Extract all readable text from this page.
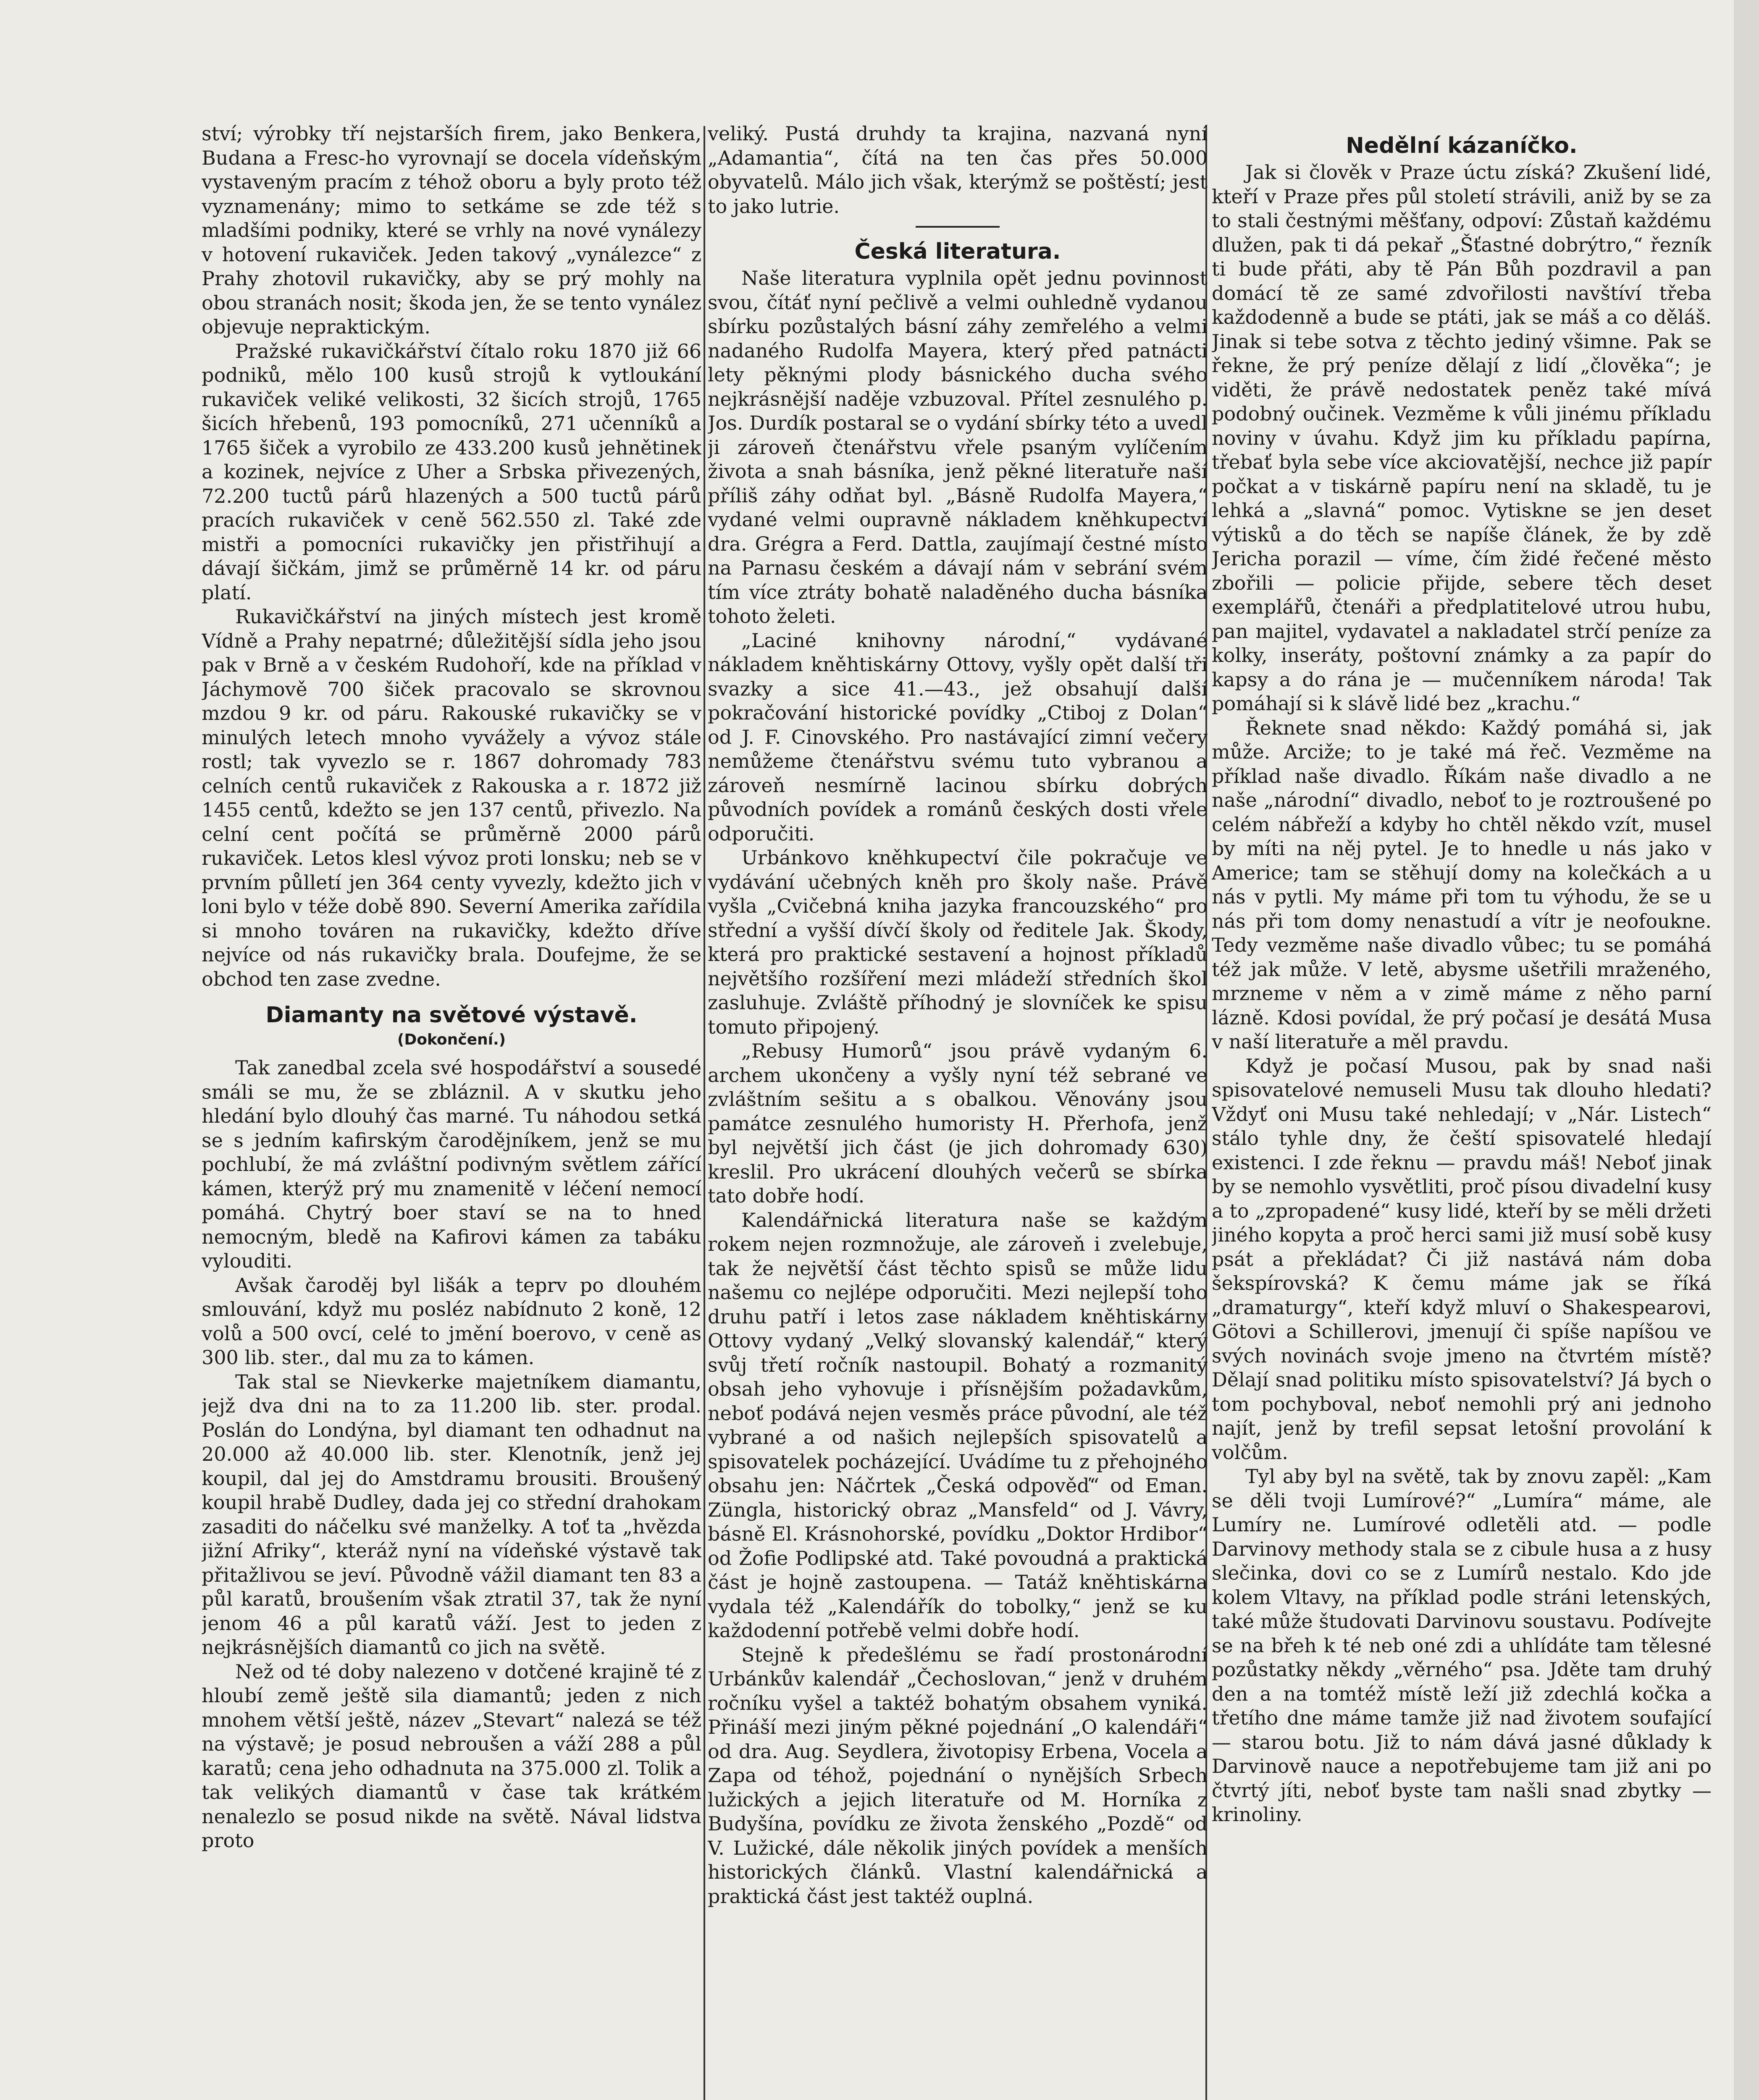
ství; výrobky tří nejstarších firem, jako Benkera, Budana a Fresc-ho vyrovnají se docela vídeňským vystaveným pracím z téhož oboru a byly proto též vyznamenány; mimo to setkáme se zde též s mladšími podniky, které se vrhly na nové vynálezy v hotovení rukaviček. Jeden takový „vynálezce“ z Prahy zhotovil rukavičky, aby se prý mohly na obou stranách nosit; škoda jen, že se tento vynález objevuje nepraktickým.

Pražské rukavičkářství čítalo roku 1870 již 66 podniků, mělo 100 kusů strojů k vytloukání rukaviček veliké velikosti, 32 šicích strojů, 1765 šicích hřebenů, 193 pomocníků, 271 učenníků a 1765 šiček a vyrobilo ze 433.200 kusů jehnětinek a kozinek, nejvíce z Uher a Srbska přivezených, 72.200 tuctů párů hlazených a 500 tuctů párů pracích rukaviček v ceně 562.550 zl. Také zde mistři a pomocníci rukavičky jen přistřihují a dávají šičkám, jimž se průměrně 14 kr. od páru platí.

Rukavičkářství na jiných místech jest kromě Vídně a Prahy nepatrné; důležitější sídla jeho jsou pak v Brně a v českém Rudohoří, kde na příklad v Jáchymově 700 šiček pracovalo se skrovnou mzdou 9 kr. od páru. Rakouské rukavičky se v minulých letech mnoho vyvážely a vývoz stále rostl; tak vyvezlo se r. 1867 dohromady 783 celních centů rukaviček z Rakouska a r. 1872 již 1455 centů, kdežto se jen 137 centů, přivezlo. Na celní cent počítá se průměrně 2000 párů rukaviček. Letos klesl vývoz proti lonsku; neb se v prvním půlletí jen 364 centy vyvezly, kdežto jich v loni bylo v téže době 890. Severní Amerika zařídila si mnoho továren na rukavičky, kdežto dříve nejvíce od nás rukavičky brala. Doufejme, že se obchod ten zase zvedne.

Diamanty na světové výstavě.
(Dokončení.)

Tak zanedbal zcela své hospodářství a sousedé smáli se mu, že se zbláznil. A v skutku jeho hledání bylo dlouhý čas marné. Tu náhodou setká se s jedním kafirským čarodějníkem, jenž se mu pochlubí, že má zvláštní podivným světlem zářící kámen, kterýž prý mu znamenitě v léčení nemocí pomáhá. Chytrý boer staví se na to hned nemocným, bledě na Kafirovi kámen za tabáku vylouditi.

Avšak čaroděj byl lišák a teprv po dlouhém smlouvání, když mu posléz nabídnuto 2 koně, 12 volů a 500 ovcí, celé to jmění boerovo, v ceně as 300 lib. ster., dal mu za to kámen.

Tak stal se Nievkerke majetníkem diamantu, jejž dva dni na to za 11.200 lib. ster. prodal. Poslán do Londýna, byl diamant ten odhadnut na 20.000 až 40.000 lib. ster. Klenotník, jenž jej koupil, dal jej do Amstdramu brousiti. Broušený koupil hrabě Dudley, dada jej co střední drahokam zasaditi do náčelku své manželky. A toť ta „hvězda jižní Afriky“, kteráž nyní na vídeňské výstavě tak přitažlivou se jeví. Původně vážil diamant ten 83 a půl karatů, broušením však ztratil 37, tak že nyní jenom 46 a půl karatů váží. Jest to jeden z nejkrásnějších diamantů co jich na světě.

Než od té doby nalezeno v dotčené krajině té z hloubí země ještě sila diamantů; jeden z nich mnohem větší ještě, název „Stevart“ nalezá se též na výstavě; je posud nebroušen a váží 288 a půl karatů; cena jeho odhadnuta na 375.000 zl. Tolik a tak velikých diamantů v čase tak krátkém nenalezlo se posud nikde na světě. Nával lidstva proto

veliký. Pustá druhdy ta krajina, nazvaná nyní „Adamantia“, čítá na ten čas přes 50.000 obyvatelů. Málo jich však, kterýmž se poštěstí; jest to jako lutrie.

Česká literatura.

Naše literatura vyplnila opět jednu povinnost svou, čítáť nyní pečlivě a velmi ouhledně vydanou sbírku pozůstalých básní záhy zemřelého a velmi nadaného Rudolfa Mayera, který před patnácti lety pěknými plody básnického ducha svého nejkrásnější naděje vzbuzoval. Přítel zesnulého p. Jos. Durdík postaral se o vydání sbírky této a uvedl ji zároveň čtenářstvu vřele psaným vylíčením života a snah básníka, jenž pěkné literatuře naší příliš záhy odňat byl. „Básně Rudolfa Mayera,“ vydané velmi oupravně nákladem kněhkupectví dra. Grégra a Ferd. Dattla, zaujímají čestné místo na Parnasu českém a dávají nám v sebrání svém tím více ztráty bohatě naladěného ducha básníka tohoto želeti.

„Laciné knihovny národní,“ vydávané nákladem kněhtiskárny Ottovy, vyšly opět další tři svazky a sice 41.—43., jež obsahují další pokračování historické povídky „Ctiboj z Dolan“ od J. F. Cinovského. Pro nastávající zimní večery nemůžeme čtenářstvu svému tuto vybranou a zároveň nesmírně lacinou sbírku dobrých původních povídek a románů českých dosti vřele odporučiti.

Urbánkovo kněhkupectví čile pokračuje ve vydávání učebných kněh pro školy naše. Právě vyšla „Cvičebná kniha jazyka francouzského“ pro střední a vyšší dívčí školy od ředitele Jak. Škody, která pro praktické sestavení a hojnost příkladů největšího rozšíření mezi mládeží středních škol zasluhuje. Zvláště příhodný je slovníček ke spisu tomuto připojený.

„Rebusy Humorů“ jsou právě vydaným 6. archem ukončeny a vyšly nyní též sebrané ve zvláštním sešitu a s obalkou. Věnovány jsou památce zesnulého humoristy H. Přerhofa, jenž byl největší jich část (je jich dohromady 630) kreslil. Pro ukrácení dlouhých večerů se sbírka tato dobře hodí.

Kalendářnická literatura naše se každým rokem nejen rozmnožuje, ale zároveň i zvelebuje, tak že největší část těchto spisů se může lidu našemu co nejlépe odporučiti. Mezi nejlepší toho druhu patří i letos zase nákladem kněhtiskárny Ottovy vydaný „Velký slovanský kalendář,“ který svůj třetí ročník nastoupil. Bohatý a rozmanitý obsah jeho vyhovuje i přísnějším požadavkům, neboť podává nejen vesměs práce původní, ale též vybrané a od našich nejlepších spisovatelů a spisovatelek pocházející. Uvádíme tu z přehojného obsahu jen: Náčrtek „Česká odpověď“ od Eman. Züngla, historický obraz „Mansfeld“ od J. Vávry, básně El. Krásnohorské, povídku „Doktor Hrdibor“ od Žofie Podlipské atd. Také povoudná a praktická část je hojně zastoupena. — Tatáž kněhtiskárna vydala též „Kalendářík do tobolky,“ jenž se ku každodenní potřebě velmi dobře hodí.

Stejně k předešlému se řadí prostonárodní Urbánkův kalendář „Čechoslovan,“ jenž v druhém ročníku vyšel a taktéž bohatým obsahem vyniká. Přináší mezi jiným pěkné pojednání „O kalendáři“ od dra. Aug. Seydlera, životopisy Erbena, Vocela a Zapa od téhož, pojednání o nynějších Srbech lužických a jejich literatuře od M. Horníka z Budyšína, povídku ze života ženského „Pozdě“ od V. Lužické, dále několik jiných povídek a menších historických článků. Vlastní kalendářnická a praktická část jest taktéž ouplná.

Nedělní kázaníčko.

Jak si člověk v Praze úctu získá? Zkušení lidé, kteří v Praze přes půl století strávili, aniž by se za to stali čestnými měšťany, odpoví: Zůstaň každému dlužen, pak ti dá pekař „Šťastné dobrýtro,“ řezník ti bude přáti, aby tě Pán Bůh pozdravil a pan domácí tě ze samé zdvořilosti navštíví třeba každodenně a bude se ptáti, jak se máš a co děláš. Jinak si tebe sotva z těchto jediný všimne. Pak se řekne, že prý peníze dělají z lidí „člověka“; je viděti, že právě nedostatek peněz také mívá podobný oučinek. Vezměme k vůli jinému příkladu noviny v úvahu. Když jim ku příkladu papírna, třebať byla sebe více akciovatější, nechce již papír počkat a v tiskárně papíru není na skladě, tu je lehká a „slavná“ pomoc. Vytiskne se jen deset výtisků a do těch se napíše článek, že by zdě Jericha porazil — víme, čím židé řečené město zbořili — policie přijde, sebere těch deset exemplářů, čtenáři a předplatitelové utrou hubu, pan majitel, vydavatel a nakladatel strčí peníze za kolky, inseráty, poštovní známky a za papír do kapsy a do rána je — mučenníkem národa! Tak pomáhají si k slávě lidé bez „krachu.“

Řeknete snad někdo: Každý pomáhá si, jak může. Arciže; to je také má řeč. Vezměme na příklad naše divadlo. Říkám naše divadlo a ne naše „národní“ divadlo, neboť to je roztroušené po celém nábřeží a kdyby ho chtěl někdo vzít, musel by míti na něj pytel. Je to hnedle u nás jako v Americe; tam se stěhují domy na kolečkách a u nás v pytli. My máme při tom tu výhodu, že se u nás při tom domy nenastudí a vítr je neofoukne. Tedy vezměme naše divadlo vůbec; tu se pomáhá též jak může. V letě, abysme ušetřili mraženého, mrzneme v něm a v zimě máme z něho parní lázně. Kdosi povídal, že prý počasí je desátá Musa v naší literatuře a měl pravdu.

Když je počasí Musou, pak by snad naši spisovatelové nemuseli Musu tak dlouho hledati? Vždyť oni Musu také nehledají; v „Nár. Listech“ stálo tyhle dny, že čeští spisovatelé hledají existenci. I zde řeknu — pravdu máš! Neboť jinak by se nemohlo vysvětliti, proč písou divadelní kusy a to „zpropadené“ kusy lidé, kteří by se měli držeti jiného kopyta a proč herci sami již musí sobě kusy psát a překládat? Či již nastává nám doba šekspírovská? K čemu máme jak se říká „dramaturgy“, kteří když mluví o Shakespearovi, Götovi a Schillerovi, jmenují či spíše napíšou ve svých novinách svoje jmeno na čtvrtém místě? Dělají snad politiku místo spisovatelství? Já bych o tom pochyboval, neboť nemohli prý ani jednoho najít, jenž by trefil sepsat letošní provolání k volčům.

Tyl aby byl na světě, tak by znovu zapěl: „Kam se děli tvoji Lumírové?“ „Lumíra“ máme, ale Lumíry ne. Lumírové odletěli atd. — podle Darvinovy methody stala se z cibule husa a z husy slečinka, dovi co se z Lumírů nestalo. Kdo jde kolem Vltavy, na příklad podle stráni letenských, také může študovati Darvinovu soustavu. Podívejte se na břeh k té neb oné zdi a uhlídáte tam tělesné pozůstatky někdy „věrného“ psa. Jděte tam druhý den a na tomtéž místě leží již zdechlá kočka a třetího dne máme tamže již nad životem soufající — starou botu. Již to nám dává jasné důklady k Darvinově nauce a nepotřebujeme tam již ani po čtvrtý jíti, neboť byste tam našli snad zbytky — krinoliny.
